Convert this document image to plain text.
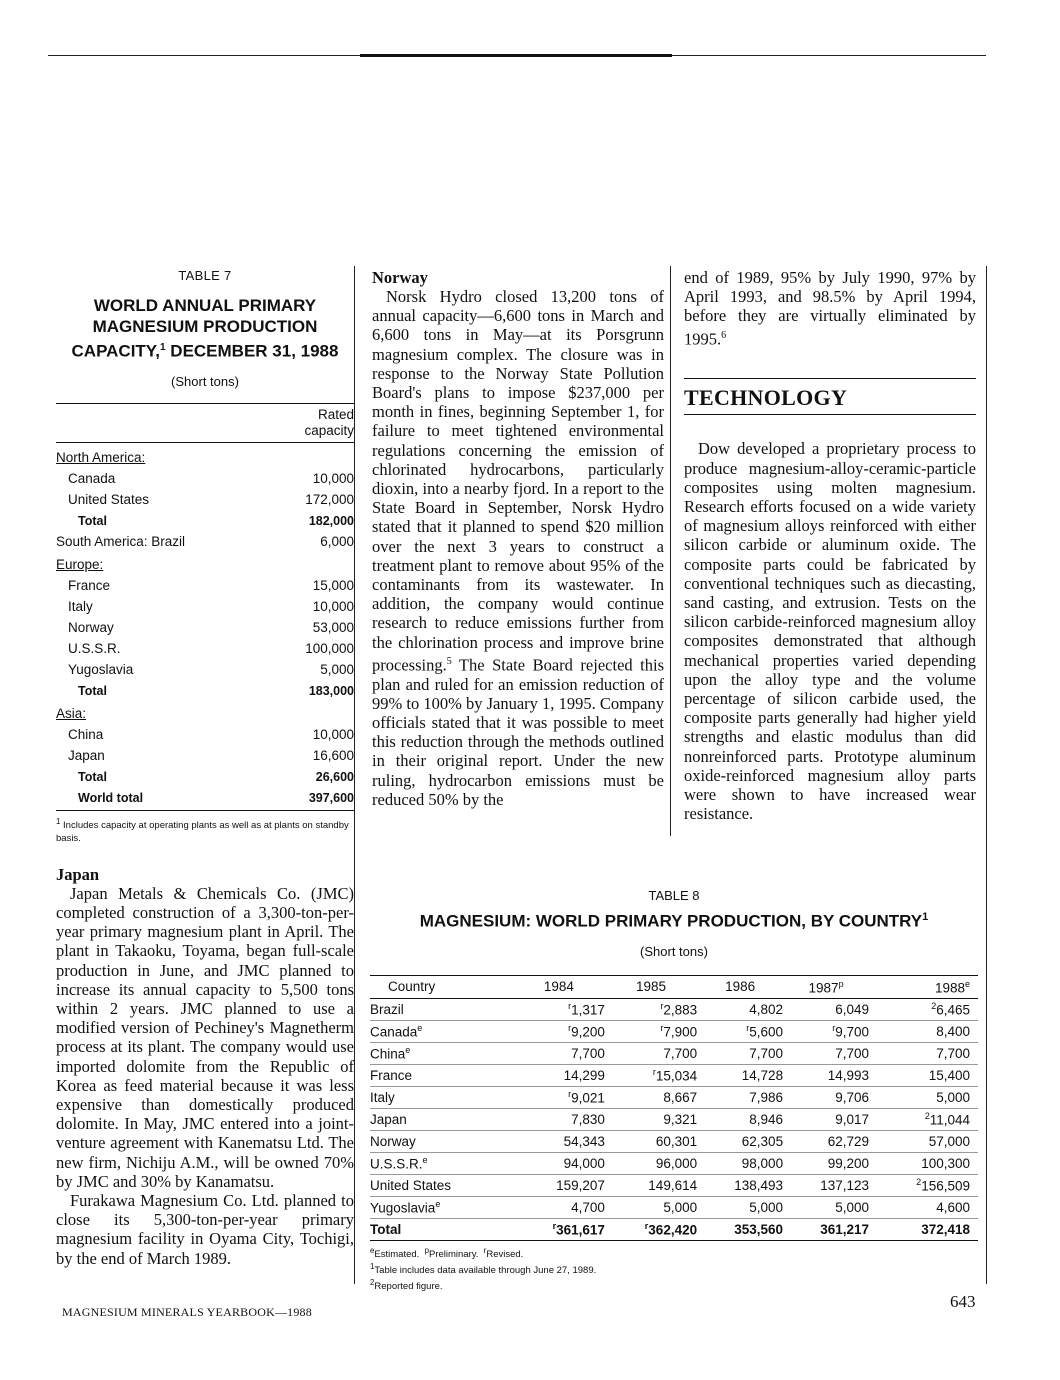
TABLE 7
WORLD ANNUAL PRIMARY
MAGNESIUM PRODUCTION
CAPACITY,$^1$ DECEMBER 31, 1988
(Short tons)
Rated
capacity
North America:	
Canada	10,000
United States	172,000
Total	182,000
South America: Brazil	6,000
Europe:	
France	15,000
Italy	10,000
Norway	53,000
U.S.S.R.	100,000
Yugoslavia	5,000
Total	183,000
Asia:	
China	10,000
Japan	16,600
Total	26,600
World total	397,600
$^1$ Includes capacity at operating plants as well as at plants on standby basis.
Japan

Japan Metals & Chemicals Co. (JMC) completed construction of a 3,300-ton-per-year primary magnesium plant in April. The plant in Takaoku, Toyama, began full-scale production in June, and JMC planned to increase its annual capacity to 5,500 tons within 2 years. JMC planned to use a modified version of Pechiney's Magnetherm process at its plant. The company would use imported dolomite from the Republic of Korea as feed material because it was less expensive than domestically produced dolomite. In May, JMC entered into a joint-venture agreement with Kanematsu Ltd. The new firm, Nichiju A.M., will be owned 70% by JMC and 30% by Kanamatsu.

Furakawa Magnesium Co. Ltd. planned to close its 5,300-ton-per-year primary magnesium facility in Oyama City, Tochigi, by the end of March 1989.

Norway

Norsk Hydro closed 13,200 tons of annual capacity—6,600 tons in March and 6,600 tons in May—at its Porsgrunn magnesium complex. The closure was in response to the Norway State Pollution Board's plans to impose $237,000 per month in fines, beginning September 1, for failure to meet tightened environmental regulations concerning the emission of chlorinated hydrocarbons, particularly dioxin, into a nearby fjord. In a report to the State Board in September, Norsk Hydro stated that it planned to spend $20 million over the next 3 years to construct a treatment plant to remove about 95% of the contaminants from its wastewater. In addition, the company would continue research to reduce emissions further from the chlorination process and improve brine processing.$^5$ The State Board rejected this plan and ruled for an emission reduction of 99% to 100% by January 1, 1995. Company officials stated that it was possible to meet this reduction through the methods outlined in their original report. Under the new ruling, hydrocarbon emissions must be reduced 50% by the

end of 1989, 95% by July 1990, 97% by April 1993, and 98.5% by April 1994, before they are virtually eliminated by 1995.$^6$

TECHNOLOGY

Dow developed a proprietary process to produce magnesium-alloy-ceramic-particle composites using molten magnesium. Research efforts focused on a wide variety of magnesium alloys reinforced with either silicon carbide or aluminum oxide. The composite parts could be fabricated by conventional techniques such as diecasting, sand casting, and extrusion. Tests on the silicon carbide-reinforced magnesium alloy composites demonstrated that although mechanical properties varied depending upon the alloy type and the volume percentage of silicon carbide used, the composite parts generally had higher yield strengths and elastic modulus than did nonreinforced parts. Prototype aluminum oxide-reinforced magnesium alloy parts were shown to have increased wear resistance.

TABLE 8
MAGNESIUM: WORLD PRIMARY PRODUCTION, BY COUNTRY$^1$
(Short tons)
Country	1984	1985	1986	1987$^p$	1988e
Brazil	$^r$1,317	$^r$2,883	4,802	6,049	$^2$6,465
Canada$^e$	$^r$9,200	$^r$7,900	$^r$5,600	$^r$9,700	8,400
China$^e$	7,700	7,700	7,700	7,700	7,700
France	14,299	$^r$15,034	14,728	14,993	15,400
Italy	$^r$9,021	8,667	7,986	9,706	5,000
Japan	7,830	9,321	8,946	9,017	$^2$11,044
Norway	54,343	60,301	62,305	62,729	57,000
U.S.S.R.$^e$	94,000	96,000	98,000	99,200	100,300
United States	159,207	149,614	138,493	137,123	$^2$156,509
Yugoslavia$^e$	4,700	5,000	5,000	5,000	4,600
Total	$^r$361,617	$^r$362,420	353,560	361,217	372,418
$^e$Estimated. $^p$Preliminary. $^r$Revised.
$^1$Table includes data available through June 27, 1989.
$^2$Reported figure.
MAGNESIUM MINERALS YEARBOOK—1988
643
